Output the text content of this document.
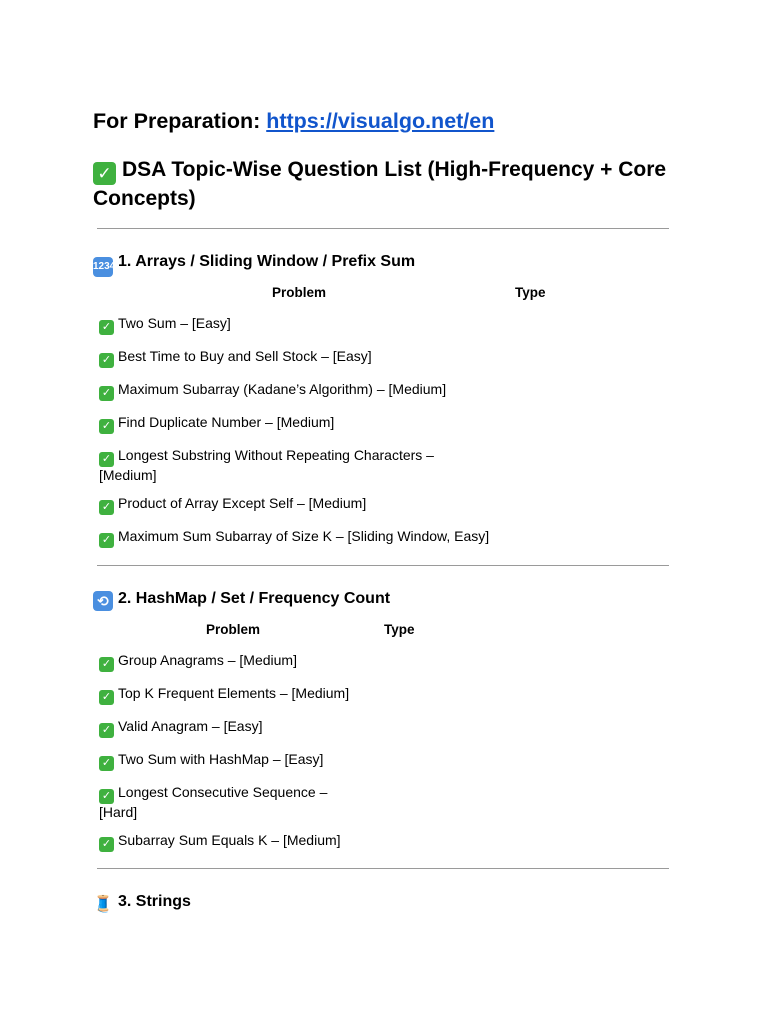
For Preparation: https://visualgo.net/en
✓ DSA Topic-Wise Question List (High-Frequency + Core Concepts)
1234 1. Arrays / Sliding Window / Prefix Sum
Problem	Type
✓ Two Sum – [Easy]
✓ Best Time to Buy and Sell Stock – [Easy]
✓ Maximum Subarray (Kadane’s Algorithm) – [Medium]
✓ Find Duplicate Number – [Medium]
✓ Longest Substring Without Repeating Characters – [Medium]
✓ Product of Array Except Self – [Medium]
✓ Maximum Sum Subarray of Size K – [Sliding Window, Easy]
⟲ 2. HashMap / Set / Frequency Count
Problem	Type
✓ Group Anagrams – [Medium]
✓ Top K Frequent Elements – [Medium]
✓ Valid Anagram – [Easy]
✓ Two Sum with HashMap – [Easy]
✓ Longest Consecutive Sequence – [Hard]
✓ Subarray Sum Equals K – [Medium]
🧵 3. Strings
